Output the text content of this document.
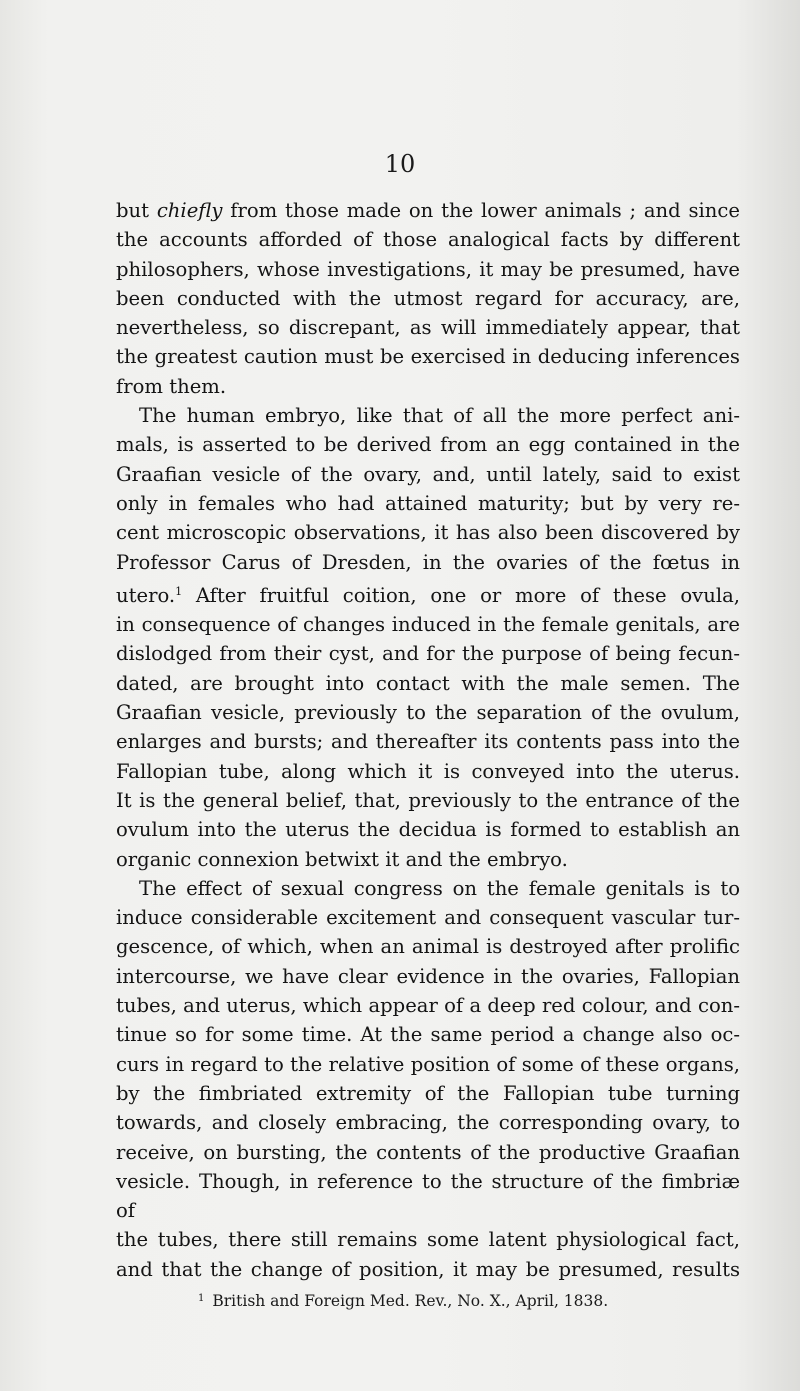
10

but chiefly from those made on the lower animals ; and since
the accounts afforded of those analogical facts by different
philosophers, whose investigations, it may be presumed, have
been conducted with the utmost regard for accuracy, are,
nevertheless, so discrepant, as will immediately appear, that
the greatest caution must be exercised in deducing inferences
from them.

The human embryo, like that of all the more perfect ani-
mals, is asserted to be derived from an egg contained in the
Graafian vesicle of the ovary, and, until lately, said to exist
only in females who had attained maturity; but by very re-
cent microscopic observations, it has also been discovered by
Professor Carus of Dresden, in the ovaries of the fœtus in
utero.$^1$ After fruitful coition, one or more of these ovula,
in consequence of changes induced in the female genitals, are
dislodged from their cyst, and for the purpose of being fecun-
dated, are brought into contact with the male semen. The
Graafian vesicle, previously to the separation of the ovulum,
enlarges and bursts; and thereafter its contents pass into the
Fallopian tube, along which it is conveyed into the uterus.
It is the general belief, that, previously to the entrance of the
ovulum into the uterus the decidua is formed to establish an
organic connexion betwixt it and the embryo.

The effect of sexual congress on the female genitals is to
induce considerable excitement and consequent vascular tur-
gescence, of which, when an animal is destroyed after prolific
intercourse, we have clear evidence in the ovaries, Fallopian
tubes, and uterus, which appear of a deep red colour, and con-
tinue so for some time. At the same period a change also oc-
curs in regard to the relative position of some of these organs,
by the fimbriated extremity of the Fallopian tube turning
towards, and closely embracing, the corresponding ovary, to
receive, on bursting, the contents of the productive Graafian
vesicle. Though, in reference to the structure of the fimbriæ of
the tubes, there still remains some latent physiological fact,
and that the change of position, it may be presumed, results

$^1$ British and Foreign Med. Rev., No. X., April, 1838.
